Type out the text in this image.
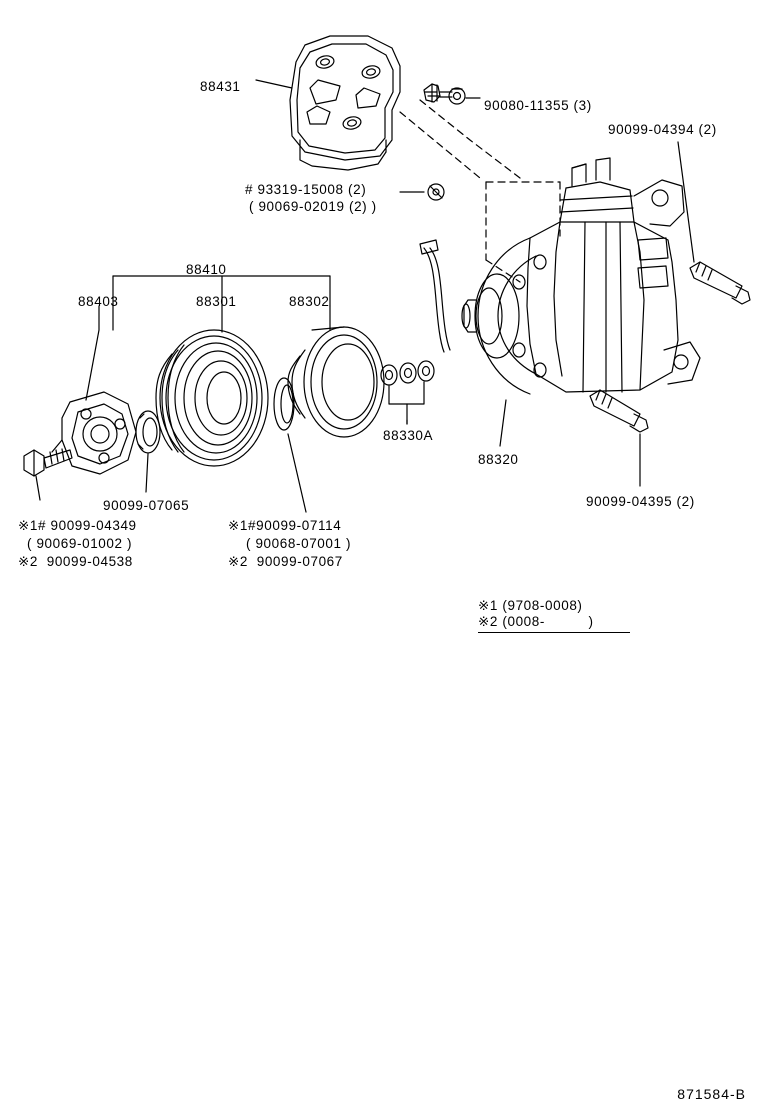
88431
90080-11355 (3)
90099-04394 (2)
# 93319-15008 (2)
( 90069-02019 (2) )
88410
88403	88301	88302
88330A
88320
90099-04395 (2)
90099-07065
※1# 90099-04349
( 90069-01002 )
※2  90099-04538
※1#90099-07114
( 90068-07001 )
※2  90099-07067
※1 (9708-0008)
※2 (0008-          )
871584-B
